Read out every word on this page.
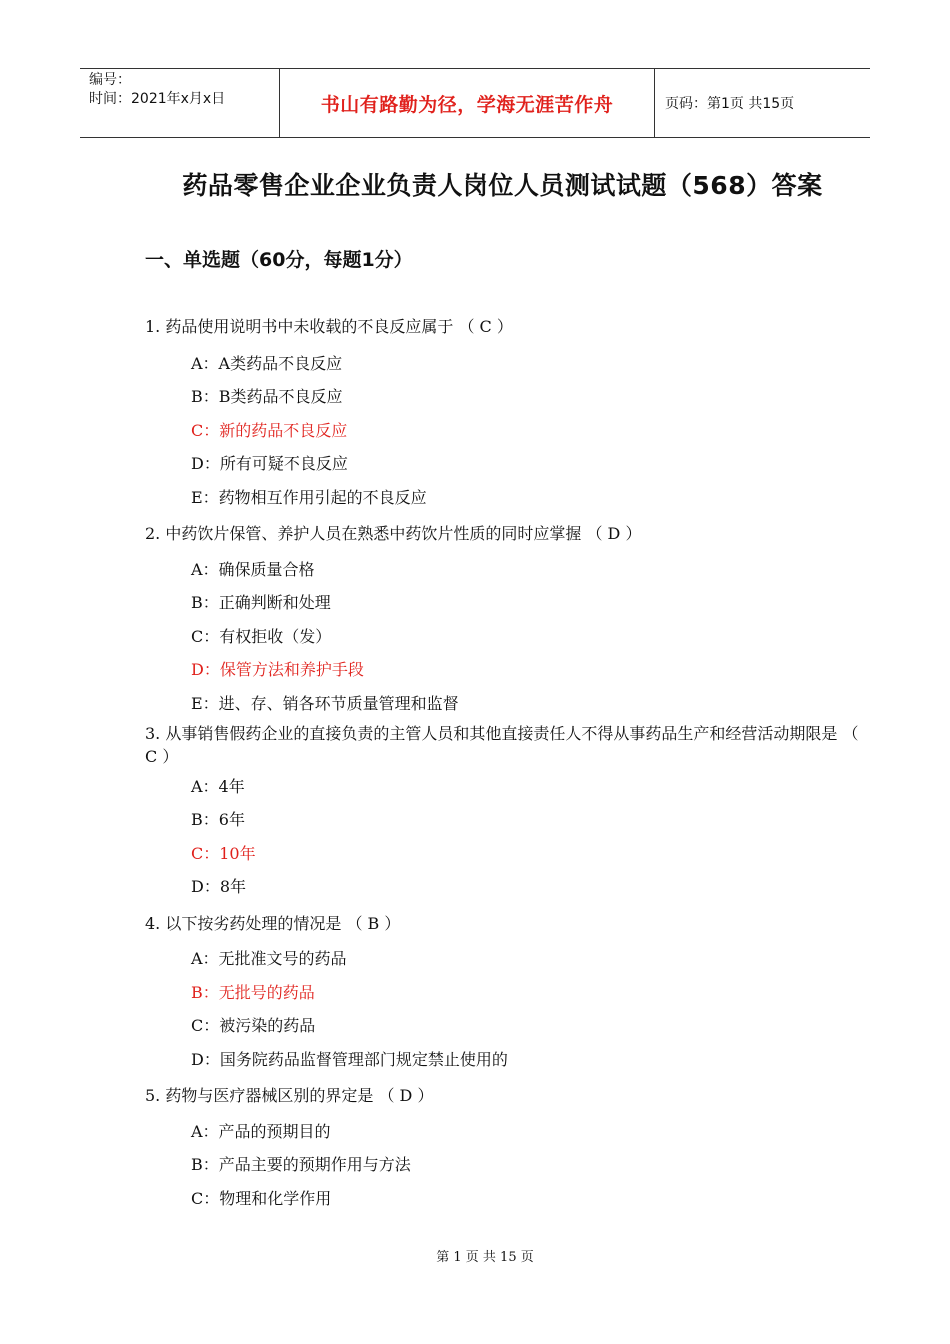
编号：
时间：2021年x月x日	书山有路勤为径，学海无涯苦作舟	页码：第1页 共15页
药品零售企业企业负责人岗位人员测试试题（568）答案
一、单选题（60分，每题1分）
1. 药品使用说明书中未收载的不良反应属于 （ C ）
A：A类药品不良反应
B：B类药品不良反应
C：新的药品不良反应
D：所有可疑不良反应
E：药物相互作用引起的不良反应
2. 中药饮片保管、养护人员在熟悉中药饮片性质的同时应掌握 （ D ）
A：确保质量合格
B：正确判断和处理
C：有权拒收（发）
D：保管方法和养护手段
E：进、存、销各环节质量管理和监督
3. 从事销售假药企业的直接负责的主管人员和其他直接责任人不得从事药品生产和经营活动期限是 （ C ）
A：4年
B：6年
C：10年
D：8年
4. 以下按劣药处理的情况是 （ B ）
A：无批准文号的药品
B：无批号的药品
C：被污染的药品
D：国务院药品监督管理部门规定禁止使用的
5. 药物与医疗器械区别的界定是 （ D ）
A：产品的预期目的
B：产品主要的预期作用与方法
C：物理和化学作用
第 1 页 共 15 页
